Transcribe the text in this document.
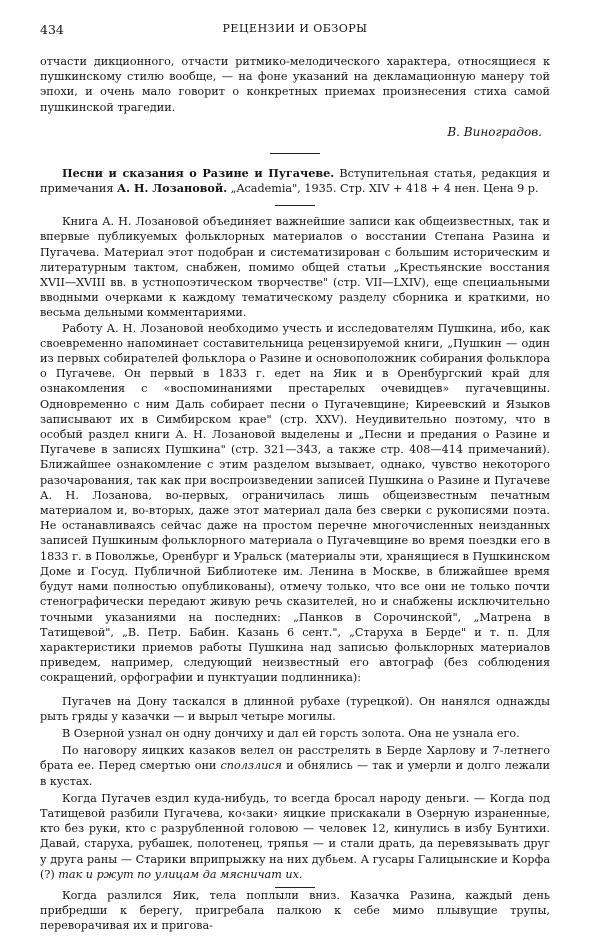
434	РЕЦЕНЗИИ И ОБЗОРЫ

отчасти дикционного, отчасти ритмико-мелодического характера, относящиеся к пушкинскому стилю вообще, — на фоне указаний на декламационную манеру той эпохи, и очень мало говорит о конкретных приемах произнесения стиха самой пушкинской трагедии.

В. Виноградов.

Песни и сказания о Разине и Пугачеве. Вступительная статья, редакция и примечания А. Н. Лозановой. „Academia", 1935. Стр. XIV + 418 + 4 нен. Цена 9 р.

Книга А. Н. Лозановой объединяет важнейшие записи как общеизвестных, так и впервые публикуемых фольклорных материалов о восстании Степана Разина и Пугачева. Материал этот подобран и систематизирован с большим историческим и литературным тактом, снабжен, помимо общей статьи „Крестьянские восстания XVII—XVIII вв. в устнопоэтическом творчестве" (стр. VII—LXIV), еще специальными вводными очерками к каждому тематическому разделу сборника и краткими, но весьма дельными комментариями.

Работу А. Н. Лозановой необходимо учесть и исследователям Пушкина, ибо, как своевременно напоминает составительница рецензируемой книги, „Пушкин — один из первых собирателей фольклора о Разине и основоположник собирания фольклора о Пугачеве. Он первый в 1833 г. едет на Яик и в Оренбургский край для ознакомления с «воспоминаниями престарелых очевидцев» пугачевщины. Одновременно с ним Даль собирает песни о Пугачевщине; Киреевский и Языков записывают их в Симбирском крае" (стр. XXV). Неудивительно поэтому, что в особый раздел книги А. Н. Лозановой выделены и „Песни и предания о Разине и Пугачеве в записях Пушкина" (стр. 321—343, а также стр. 408—414 примечаний). Ближайшее ознакомление с этим разделом вызывает, однако, чувство некоторого разочарования, так как при воспроизведении записей Пушкина о Разине и Пугачеве А. Н. Лозанова, во-первых, ограничилась лишь общеизвестным печатным материалом и, во-вторых, даже этот материал дала без сверки с рукописями поэта. Не останавливаясь сейчас даже на простом перечне многочисленных неизданных записей Пушкиным фольклорного материала о Пугачевщине во время поездки его в 1833 г. в Поволжье, Оренбург и Уральск (материалы эти, хранящиеся в Пушкинском Доме и Госуд. Публичной Библиотеке им. Ленина в Москве, в ближайшее время будут нами полностью опубликованы), отмечу только, что все они не только почти стенографически передают живую речь сказителей, но и снабжены исключительно точными указаниями на последних: „Панков в Сорочинской", „Матрена в Татищевой", „В. Петр. Бабин. Казань 6 сент.", „Старуха в Берде" и т. п. Для характеристики приемов работы Пушкина над записью фольклорных материалов приведем, например, следующий неизвестный его автограф (без соблюдения сокращений, орфографии и пунктуации подлинника):

Пугачев на Дону таскался в длинной рубахе (турецкой). Он нанялся однажды рыть гряды у казачки — и вырыл четыре могилы.

В Озерной узнал он одну дончиху и дал ей горсть золота. Она не узнала его.

По наговору яицких казаков велел он расстрелять в Берде Харлову и 7-летнего брата ее. Перед смертью они сползлися и обнялись — так и умерли и долго лежали в кустах.

Когда Пугачев ездил куда-нибудь, то всегда бросал народу деньги. — Когда под Татищевой разбили Пугачева, ко‹заки› яицкие прискакали в Озерную израненные, кто без руки, кто с разрубленной головою — человек 12, кинулись в избу Бунтихи. Давай, старуха, рубашек, полотенец, тряпья — и стали драть, да перевязывать друг у друга раны — Старики вприпрыжку на них дубьем. А гусары Галицынские и Корфа (?) так и ржут по улицам да мясничат их.

Когда разлился Яик, тела поплыли вниз. Казачка Разина, каждый день прибредши к берегу, пригребала палкою к себе мимо плывущие трупы, переворачивая их и пригова-
